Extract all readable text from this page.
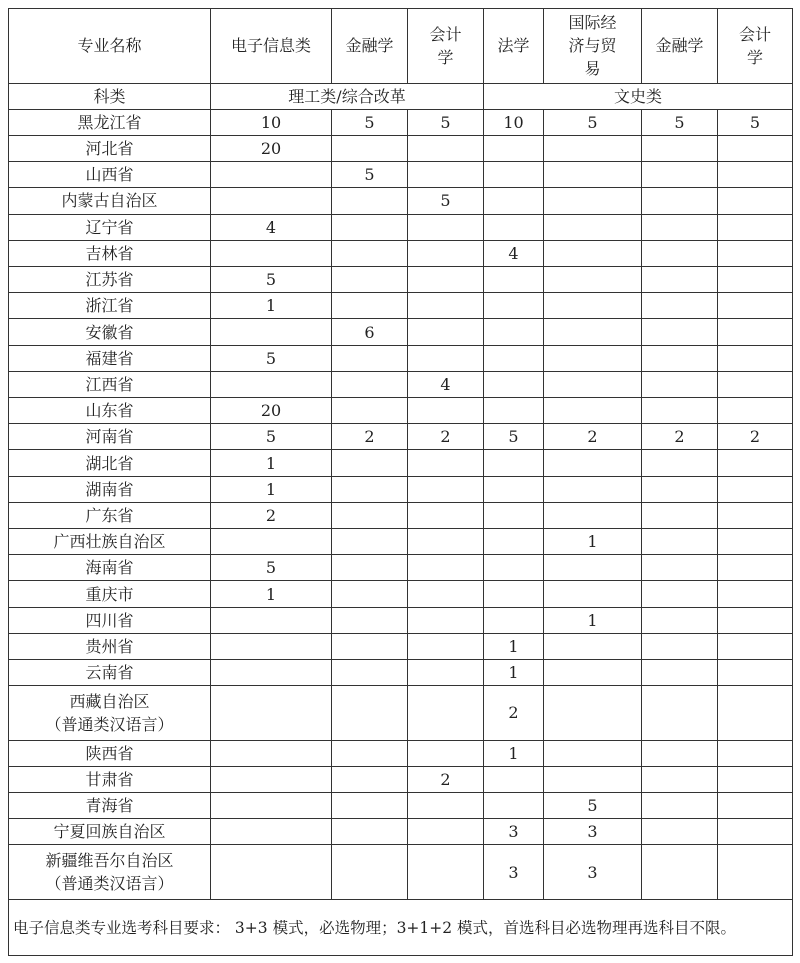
专业名称	电子信息类	金融学	会计学	法学	国际经济与贸易	金融学	会计学

科类	理工类/综合改革			文史类			

黑龙江省	10	5	5	10	5	5	5

河北省	20						

山西省		5					

内蒙古自治区			5				

辽宁省	4						

吉林省				4			

江苏省	5						

浙江省	1						

安徽省		6					

福建省	5						

江西省			4				

山东省	20						

河南省	5	2	2	5	2	2	2

湖北省	1						

湖南省	1						

广东省	2						

广西壮族自治区					1		

海南省	5						

重庆市	1						

四川省					1		

贵州省				1			

云南省				1			

西藏自治区
（普通类汉语言）				2			

陕西省				1			

甘肃省			2				

青海省					5		

宁夏回族自治区				3	3		

新疆维吾尔自治区
（普通类汉语言）				3	3		
电子信息类专业选考科目要求： 3+3 模式，必选物理；3+1+2 模式，首选科目必选物理再选科目不限。							
